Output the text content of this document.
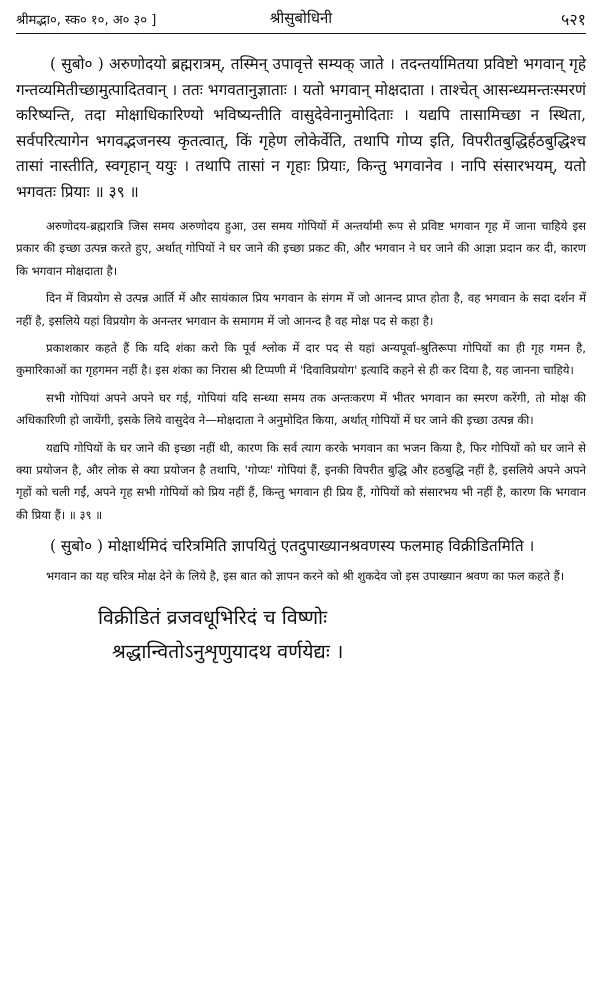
श्रीमद्भा०, स्क० १०, अ० ३० ]	श्रीसुबोधिनी	५२१

( सुबो० ) अरुणोदयो ब्रह्मरात्रम्, तस्मिन् उपावृत्ते सम्यक् जाते । तदन्तर्यामितया प्रविष्टो भगवान् गृहे गन्तव्यमितीच्छामुत्पादितवान् । ततः भगवतानुज्ञाताः । यतो भगवान् मोक्षदाता । ताश्चेत् आसन्ध्यमन्तःस्मरणं करिष्यन्ति, तदा मोक्षाधिकारिण्यो भविष्यन्तीति वासुदेवेनानुमोदिताः । यद्यपि तासामिच्छा न स्थिता, सर्वपरित्यागेन भगवद्भजनस्य कृतत्वात्, किं गृहेण लोकेर्वेति, तथापि गोप्य इति, विपरीतबुद्धिर्हठबुद्धिश्च तासां नास्तीति, स्वगृहान् ययुः । तथापि तासां न गृहाः प्रियाः, किन्तु भगवानेव । नापि संसारभयम्, यतो भगवतः प्रियाः ॥ ३९ ॥

अरुणोदय-ब्रह्मरात्रि जिस समय अरुणोदय हुआ, उस समय गोपियों में अन्तर्यामी रूप से प्रविष्ट भगवान गृह में जाना चाहिये इस प्रकार की इच्छा उत्पन्न करते हुए, अर्थात् गोपियों ने घर जाने की इच्छा प्रकट की, और भगवान ने घर जाने की आज्ञा प्रदान कर दी, कारण कि भगवान मोक्षदाता है।

दिन में विप्रयोग से उत्पन्न आर्ति में और सायंकाल प्रिय भगवान के संगम में जो आनन्द प्राप्त होता है, वह भगवान के सदा दर्शन में नहीं है, इसलिये यहां विप्रयोग के अनन्तर भगवान के समागम में जो आनन्द है वह मोक्ष पद से कहा है।

प्रकाशकार कहते हैं कि यदि शंका करो कि पूर्व श्लोक में दार पद से यहां अन्यपूर्वा-श्रुतिरूपा गोपियों का ही गृह गमन है, कुमारिकाओं का गृहगमन नहीं है। इस शंका का निरास श्री टिप्पणी में 'दिवाविप्रयोग' इत्यादि कहने से ही कर दिया है, यह जानना चाहिये।

सभी गोपियां अपने अपने घर गई, गोपियां यदि सन्ध्या समय तक अन्तःकरण में भीतर भगवान का स्मरण करेंगी, तो मोक्ष की अधिकारिणी हो जायेंगी, इसके लिये वासुदेव ने—मोक्षदाता ने अनुमोदित किया, अर्थात् गोपियों में घर जाने की इच्छा उत्पन्न की।

यद्यपि गोपियों के घर जाने की इच्छा नहीं थी, कारण कि सर्व त्याग करके भगवान का भजन किया है, फिर गोपियों को घर जाने से क्या प्रयोजन है, और लोक से क्या प्रयोजन है तथापि, 'गोप्यः' गोपियां हैं, इनकी विपरीत बुद्धि और हठबुद्धि नहीं है, इसलिये अपने अपने गृहों को चली गईं, अपने गृह सभी गोपियों को प्रिय नहीं हैं, किन्तु भगवान ही प्रिय हैं, गोपियों को संसारभय भी नहीं है, कारण कि भगवान की प्रिया हैं। ॥ ३९ ॥

( सुबो० ) मोक्षार्थमिदं चरित्रमिति ज्ञापयितुं एतदुपाख्यानश्रवणस्य फलमाह विक्रीडितमिति ।

भगवान का यह चरित्र मोक्ष देने के लिये है, इस बात को ज्ञापन करने को श्री शुकदेव जो इस उपाख्यान श्रवण का फल कहते हैं।

विक्रीडितं व्रजवधूभिरिदं च विष्णोः

श्रद्धान्वितोऽनुशृणुयादथ वर्णयेद्यः ।
